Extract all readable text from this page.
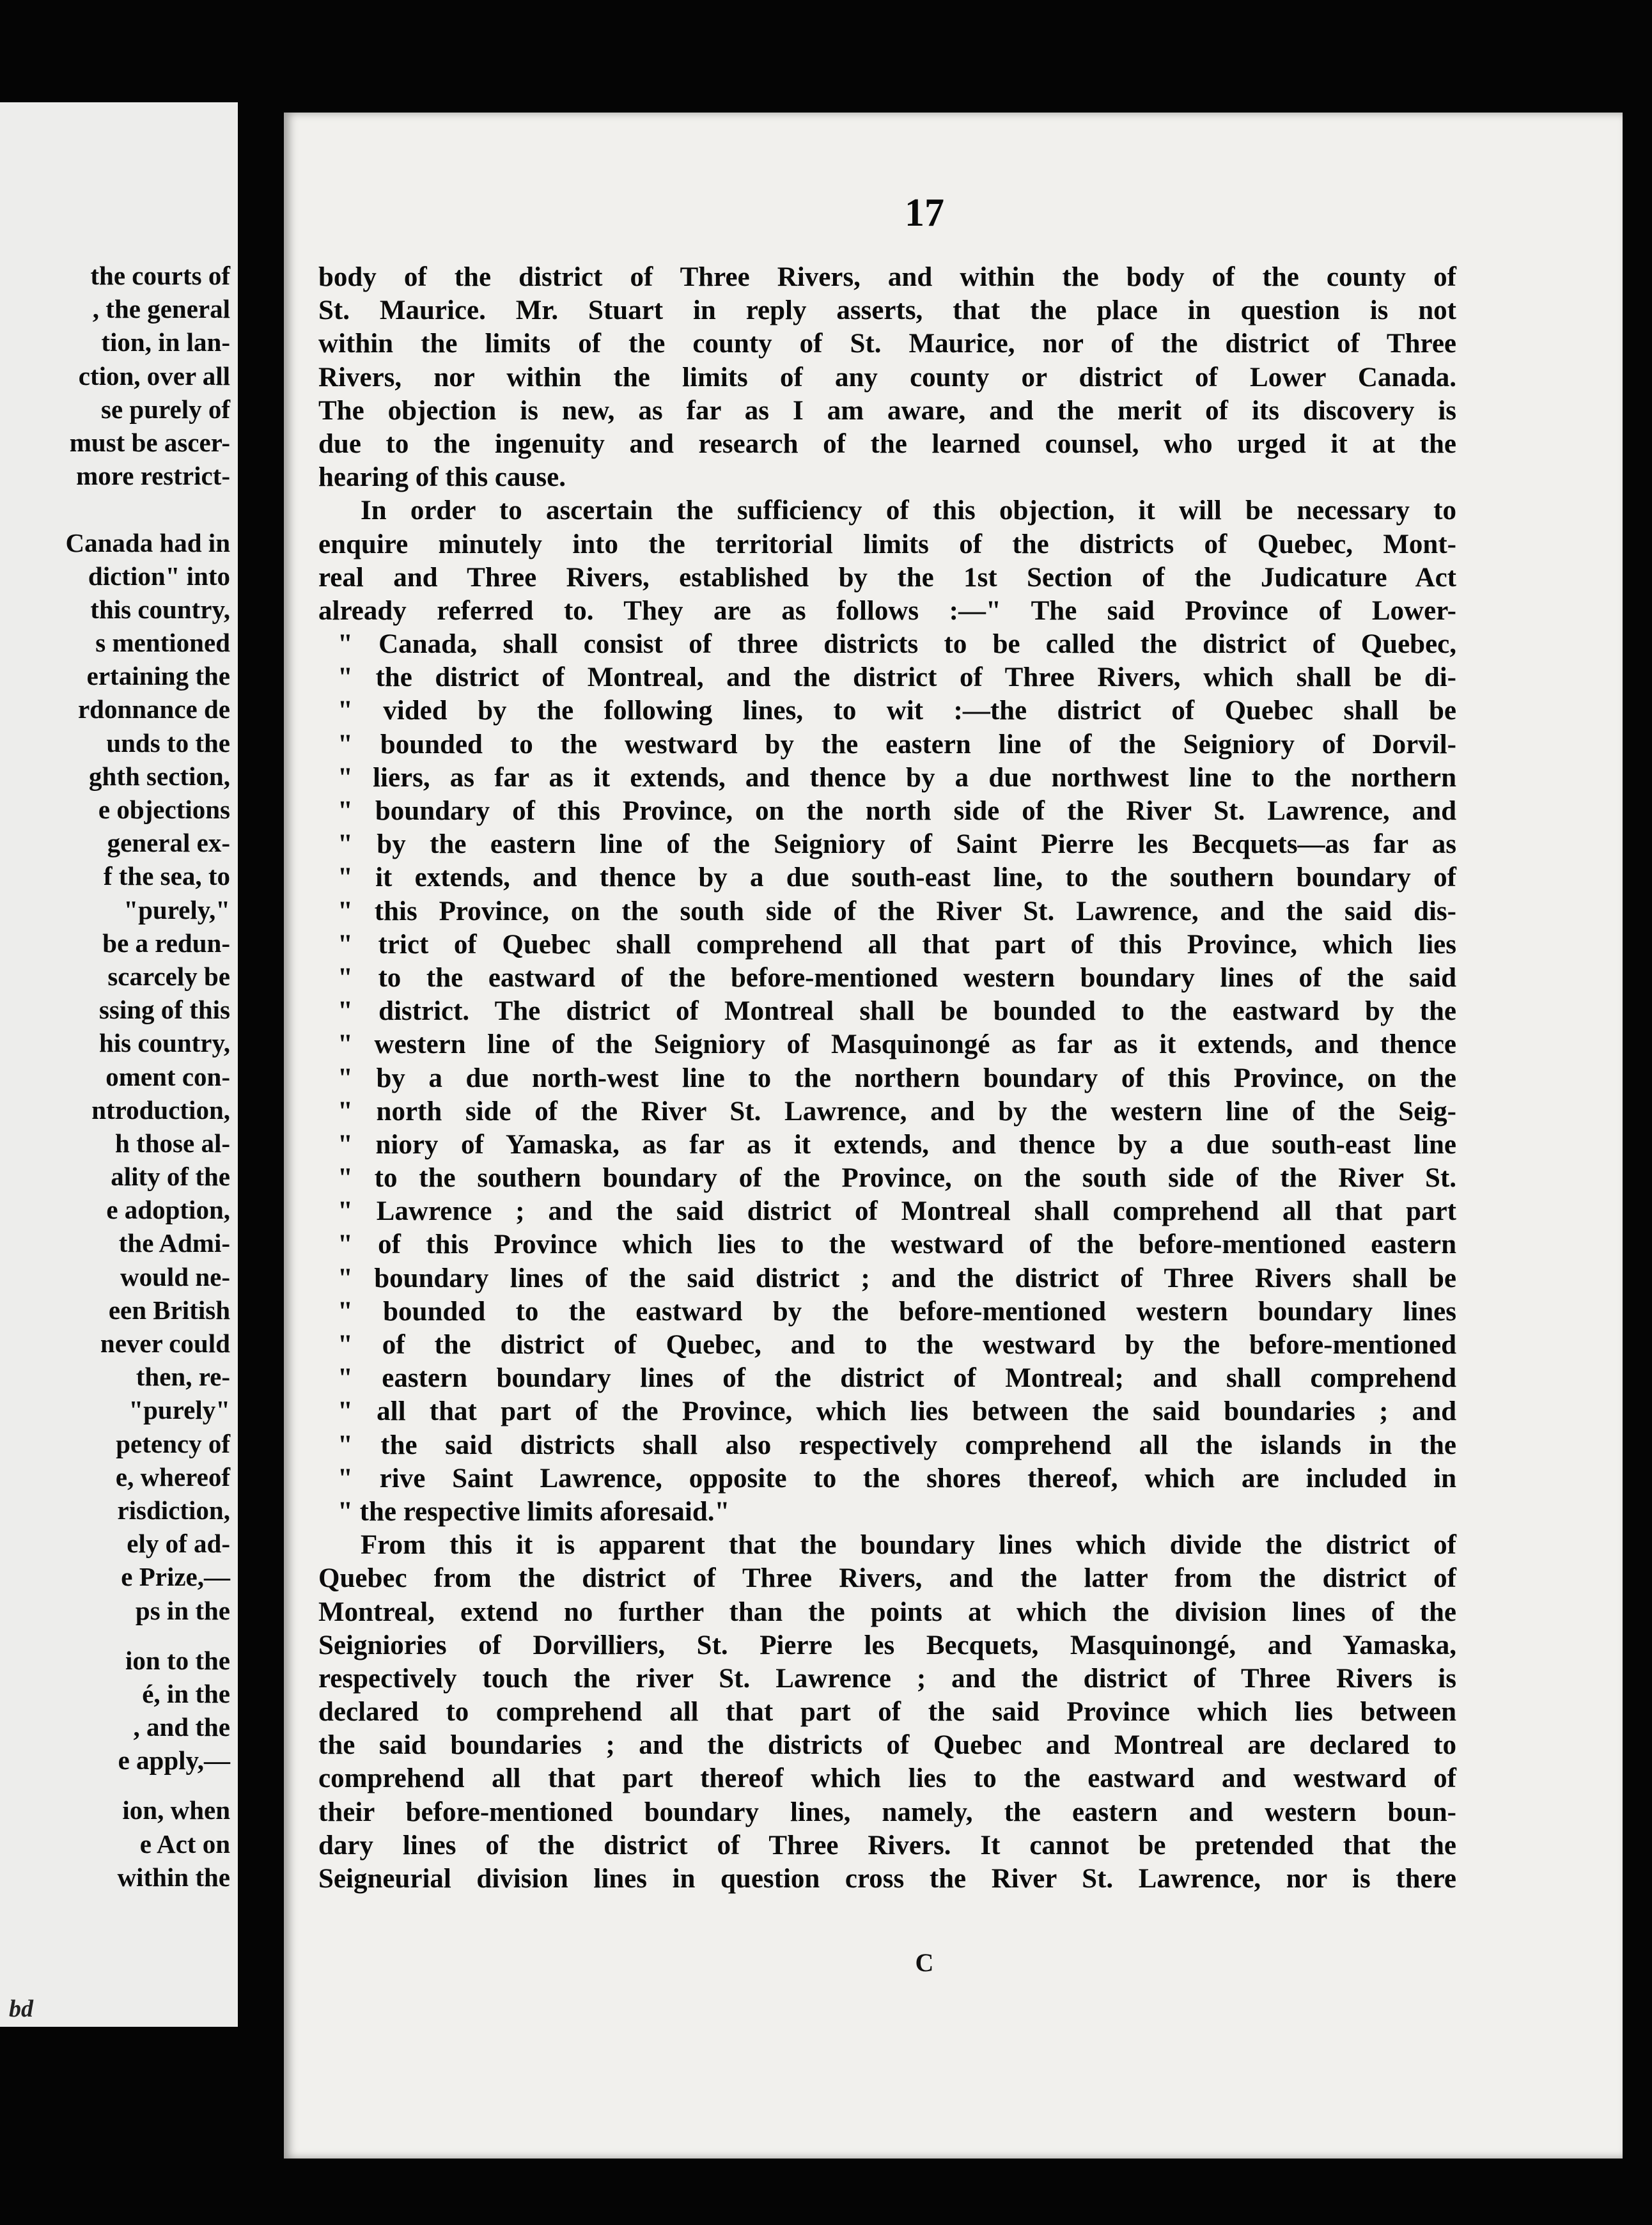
the courts of
, the general
tion, in lan-
ction, over all
se purely of
must be ascer-
more restrict-
Canada had in
diction" into
this country,
s mentioned
ertaining the
rdonnance de
unds to the
ghth section,
e objections
general ex-
f the sea, to
"purely,"
be a redun-
scarcely be
ssing of this
his country,
oment con-
ntroduction,
h those al-
ality of the
e adoption,
the Admi-
would ne-
een British
never could
then, re-
"purely"
petency of
e, whereof
risdiction,
ely of ad-
e Prize,—
ps in the
ion to the
é, in the
, and the
e apply,—
ion, when
e Act on
within the
bd
17
body of the district of Three Rivers, and within the body of the county of
St. Maurice. Mr. Stuart in reply asserts, that the place in question is not
within the limits of the county of St. Maurice, nor of the district of Three
Rivers, nor within the limits of any county or district of Lower Canada.
The objection is new, as far as I am aware, and the merit of its discovery is
due to the ingenuity and research of the learned counsel, who urged it at the
hearing of this cause.
In order to ascertain the sufficiency of this objection, it will be necessary to
enquire minutely into the territorial limits of the districts of Quebec, Mont-
real and Three Rivers, established by the 1st Section of the Judicature Act
already referred to. They are as follows :—" The said Province of Lower-
" Canada, shall consist of three districts to be called the district of Quebec,
" the district of Montreal, and the district of Three Rivers, which shall be di-
" vided by the following lines, to wit :—the district of Quebec shall be
" bounded to the westward by the eastern line of the Seigniory of Dorvil-
" liers, as far as it extends, and thence by a due northwest line to the northern
" boundary of this Province, on the north side of the River St. Lawrence, and
" by the eastern line of the Seigniory of Saint Pierre les Becquets—as far as
" it extends, and thence by a due south-east line, to the southern boundary of
" this Province, on the south side of the River St. Lawrence, and the said dis-
" trict of Quebec shall comprehend all that part of this Province, which lies
" to the eastward of the before-mentioned western boundary lines of the said
" district. The district of Montreal shall be bounded to the eastward by the
" western line of the Seigniory of Masquinongé as far as it extends, and thence
" by a due north-west line to the northern boundary of this Province, on the
" north side of the River St. Lawrence, and by the western line of the Seig-
" niory of Yamaska, as far as it extends, and thence by a due south-east line
" to the southern boundary of the Province, on the south side of the River St.
" Lawrence ; and the said district of Montreal shall comprehend all that part
" of this Province which lies to the westward of the before-mentioned eastern
" boundary lines of the said district ; and the district of Three Rivers shall be
" bounded to the eastward by the before-mentioned western boundary lines
" of the district of Quebec, and to the westward by the before-mentioned
" eastern boundary lines of the district of Montreal; and shall comprehend
" all that part of the Province, which lies between the said boundaries ; and
" the said districts shall also respectively comprehend all the islands in the
" rive Saint Lawrence, opposite to the shores thereof, which are included in
" the respective limits aforesaid."
From this it is apparent that the boundary lines which divide the district of
Quebec from the district of Three Rivers, and the latter from the district of
Montreal, extend no further than the points at which the division lines of the
Seigniories of Dorvilliers, St. Pierre les Becquets, Masquinongé, and Yamaska,
respectively touch the river St. Lawrence ; and the district of Three Rivers is
declared to comprehend all that part of the said Province which lies between
the said boundaries ; and the districts of Quebec and Montreal are declared to
comprehend all that part thereof which lies to the eastward and westward of
their before-mentioned boundary lines, namely, the eastern and western boun-
dary lines of the district of Three Rivers. It cannot be pretended that the
Seigneurial division lines in question cross the River St. Lawrence, nor is there
C
